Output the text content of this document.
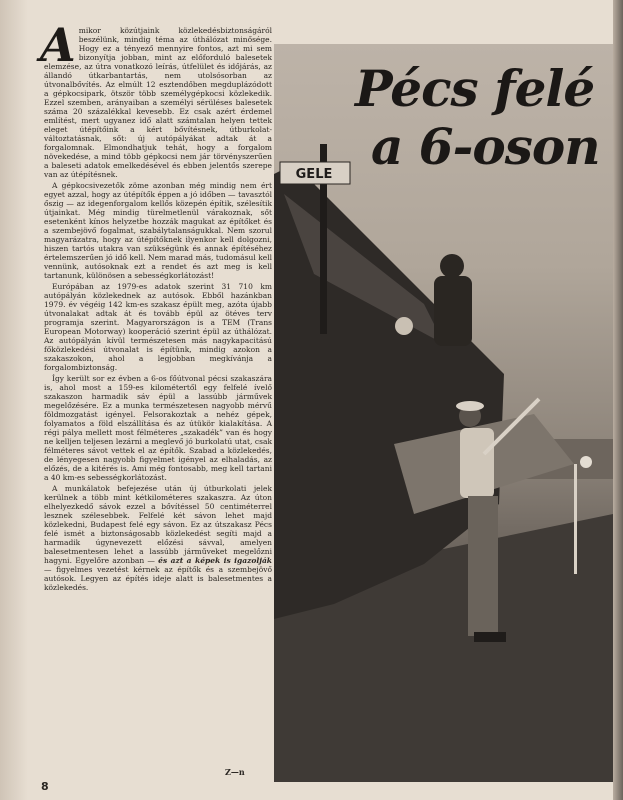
A mikor közútjaink közlekedésbiztonságáról beszélünk, mindig téma az úthálózat minősége. Hogy ez a tényező mennyire fontos, azt mi sem bizonyítja jobban, mint az előforduló balesetek elemzése, az útra vonatkozó leírás, útfelület és időjárás, az állandó útkarbantartás, nem utolsósorban az útvonalbővítés. Az elmúlt 12 esztendőben megduplázódott a gépkocsipark, ötször több személygépkocsi közlekedik. Ezzel szemben, arányaiban a személyi sérüléses balesetek száma 20 százalékkal kevesebb. Ez csak azért érdemel említést, mert ugyanez idő alatt számtalan helyen tettek eleget útépítőink a kért bővítésnek, útburkolat-változtatásnak, sőt: új autópályákat adtak át a forgalomnak. Elmondhatjuk tehát, hogy a forgalom növekedése, a mind több gépkocsi nem jár törvényszerűen a baleseti adatok emelkedésével és ebben jelentős szerepe van az útépítésnek.

A gépkocsivezetők zöme azonban még mindig nem ért egyet azzal, hogy az útépítők éppen a jó időben — tavasztól őszig — az idegenforgalom kellős közepén építik, szélesítik útjainkat. Még mindig türelmetlenül várakoznak, sőt esetenként kínos helyzetbe hozzák magukat az építőket és a szembejövő fogalmat, szabálytalanságukkal. Nem szorul magyarázatra, hogy az útépítőknek ilyenkor kell dolgozni, hiszen tartós utakra van szükségünk és annak építéséhez értelemszerűen jó idő kell. Nem marad más, tudomásul kell vennünk, autósoknak ezt a rendet és azt meg is kell tartanunk, különösen a sebességkorlátozást!

Európában az 1979-es adatok szerint 31 710 km autópályán közlekednek az autósok. Ebből hazánkban 1979. év végéig 142 km-es szakasz épült meg, azóta újabb útvonalakat adtak át és tovább épül az ötéves terv programja szerint. Magyarországon is a TEM (Trans European Motorway) kooperáció szerint épül az úthálózat. Az autópályán kívül természetesen más nagykapacitású főközlekedési útvonalat is építünk, mindig azokon a szakaszokon, ahol a legjobban megkívánja a forgalombiztonság.

Így került sor ez évben a 6-os főútvonal pécsi szakaszára is, ahol most a 159-es kilométertől egy felfelé ívelő szakaszon harmadik sáv épül a lassúbb járművek megelőzésére. Ez a munka természetesen nagyobb mérvű földmozgatást igényel. Felsorakoztak a nehéz gépek, folyamatos a föld elszállítása és az útükör kialakítása. A régi pálya mellett most félméteres „szakadék” van és hogy ne kelljen teljesen lezárni a meglevő jó burkolatú utat, csak félméteres sávot vettek el az építők. Szabad a közlekedés, de lényegesen nagyobb figyelmet igényel az elhaladás, az előzés, de a kitérés is. Ami még fontosabb, meg kell tartani a 40 km-es sebességkorlátozást.

A munkálatok befejezése után új útburkolati jelek kerülnek a több mint kétkilométeres szakaszra. Az úton elhelyezkedő sávok ezzel a bővítéssel 50 centiméterrel lesznek szélesebbek. Felfelé két sávon lehet majd közlekedni, Budapest felé egy sávon. Ez az útszakasz Pécs felé ismét a biztonságosabb közlekedést segíti majd a harmadik úgynevezett előzési sávval, amelyen balesetmentesen lehet a lassúbb járműveket megelőzni hagyni. Egyelőre azonban — és azt a képek is igazolják — figyelmes vezetést kérnek az építők és a szembejövő autósok. Legyen az építés ideje alatt is balesetmentes a közlekedés.

Z—n
8
GELE
Pécs felé
a 6-oson
